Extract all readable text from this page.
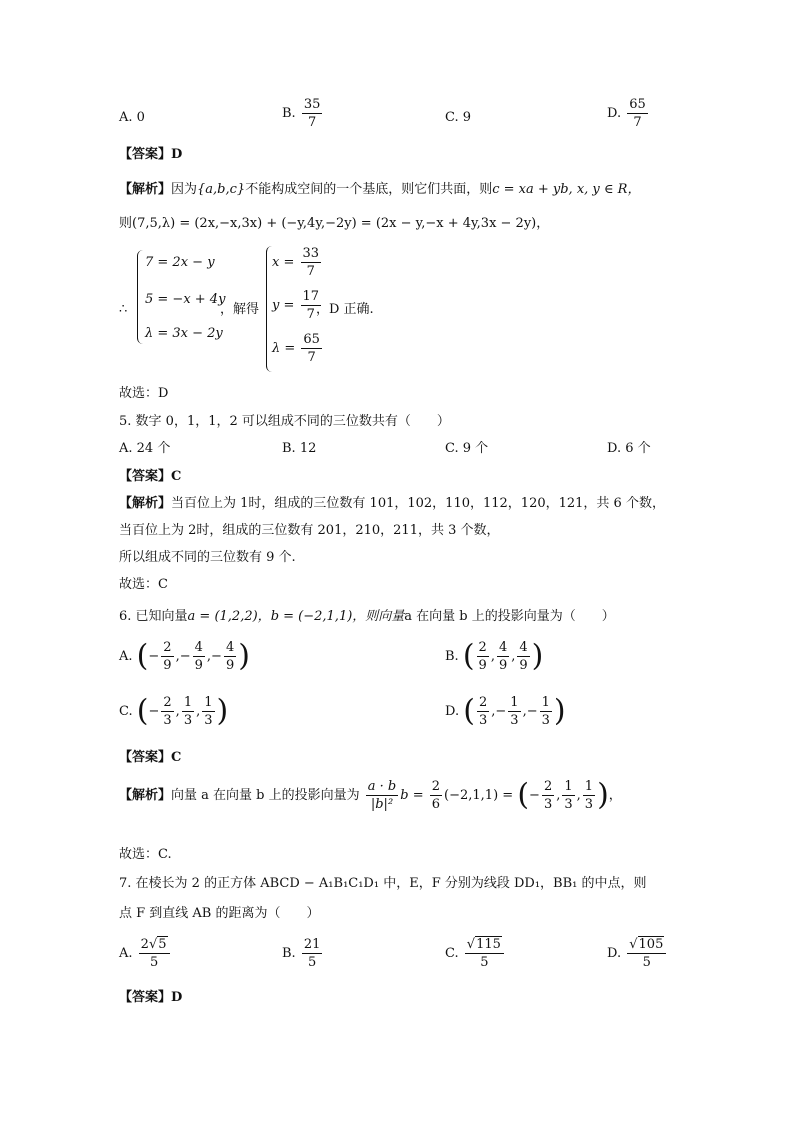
A. 0	B. $\frac{35}{7}$	C. 9	D. $\frac{65}{7}$
【答案】D
【解析】因为{a,b,c}不能构成空间的一个基底，则它们共面，则c = xa + yb, x, y ∈ R，
则(7,5,λ) = (2x,−x,3x) + (−y,4y,−2y) = (2x − y,−x + 4y,3x − 2y)，
∴
7 = 2x − y
5 = −x + 4y
λ = 3x − 2y
，解得
$x = \frac{33}{7}$
$y = \frac{17}{7}$
$\lambda = \frac{65}{7}$
，D 正确.
故选：D
5. 数字 0，1，1，2 可以组成不同的三位数共有（　　）
A. 24 个	B. 12	C. 9 个	D. 6 个
【答案】C
【解析】当百位上为 1时，组成的三位数有 101，102，110，112，120，121，共 6 个数，
当百位上为 2时，组成的三位数有 201，210，211，共 3 个数，
所以组成不同的三位数有 9 个.
故选：C
6. 已知向量a = (1,2,2)，b = (−2,1,1)，则向量a 在向量 b 上的投影向量为（　　）
A. (− $\frac{2}{9}$ ,− $\frac{4}{9}$ ,− $\frac{4}{9}$ )	B. ( $\frac{2}{9}$ , $\frac{4}{9}$ , $\frac{4}{9}$ )
C. (− $\frac{2}{3}$ , $\frac{1}{3}$ , $\frac{1}{3}$ )	D. ( $\frac{2}{3}$ ,− $\frac{1}{3}$ ,− $\frac{1}{3}$ )
【答案】C
【解析】向量 a 在向量 b 上的投影向量为 $\frac{a \cdot b}{\text{|b|²}}$ $b = \frac{2}{6} (-2,1,1)$ = (− $\frac{2}{3}$ , $\frac{1}{3}$ , $\frac{1}{3}$ )，
故选：C.
7. 在棱长为 2 的正方体 ABCD − A₁B₁C₁D₁ 中，E，F 分别为线段 DD₁，BB₁ 的中点，则
点 F 到直线 AB 的距离为（　　）
A. $\frac{2√5}{5}$	B. $\frac{21}{5}$	C. $\frac{√115}{5}$	D. $\frac{√105}{5}$
【答案】D
